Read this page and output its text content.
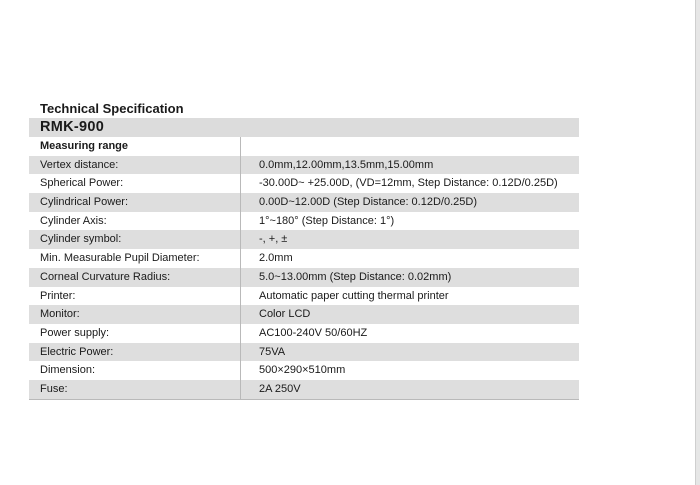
Technical Specification
RMK-900
Measuring range
Vertex distance:	0.0mm,12.00mm,13.5mm,15.00mm
Spherical Power:	-30.00D~ +25.00D, (VD=12mm, Step Distance: 0.12D/0.25D)
Cylindrical Power:	0.00D~12.00D (Step Distance: 0.12D/0.25D)
Cylinder Axis:	1°~180° (Step Distance: 1°)
Cylinder symbol:	-, +, ±
Min. Measurable Pupil Diameter:	2.0mm
Corneal Curvature Radius:	5.0~13.00mm (Step Distance: 0.02mm)
Printer:	Automatic paper cutting thermal printer
Monitor:	Color LCD
Power supply:	AC100-240V 50/60HZ
Electric Power:	75VA
Dimension:	500×290×510mm
Fuse:	2A 250V
